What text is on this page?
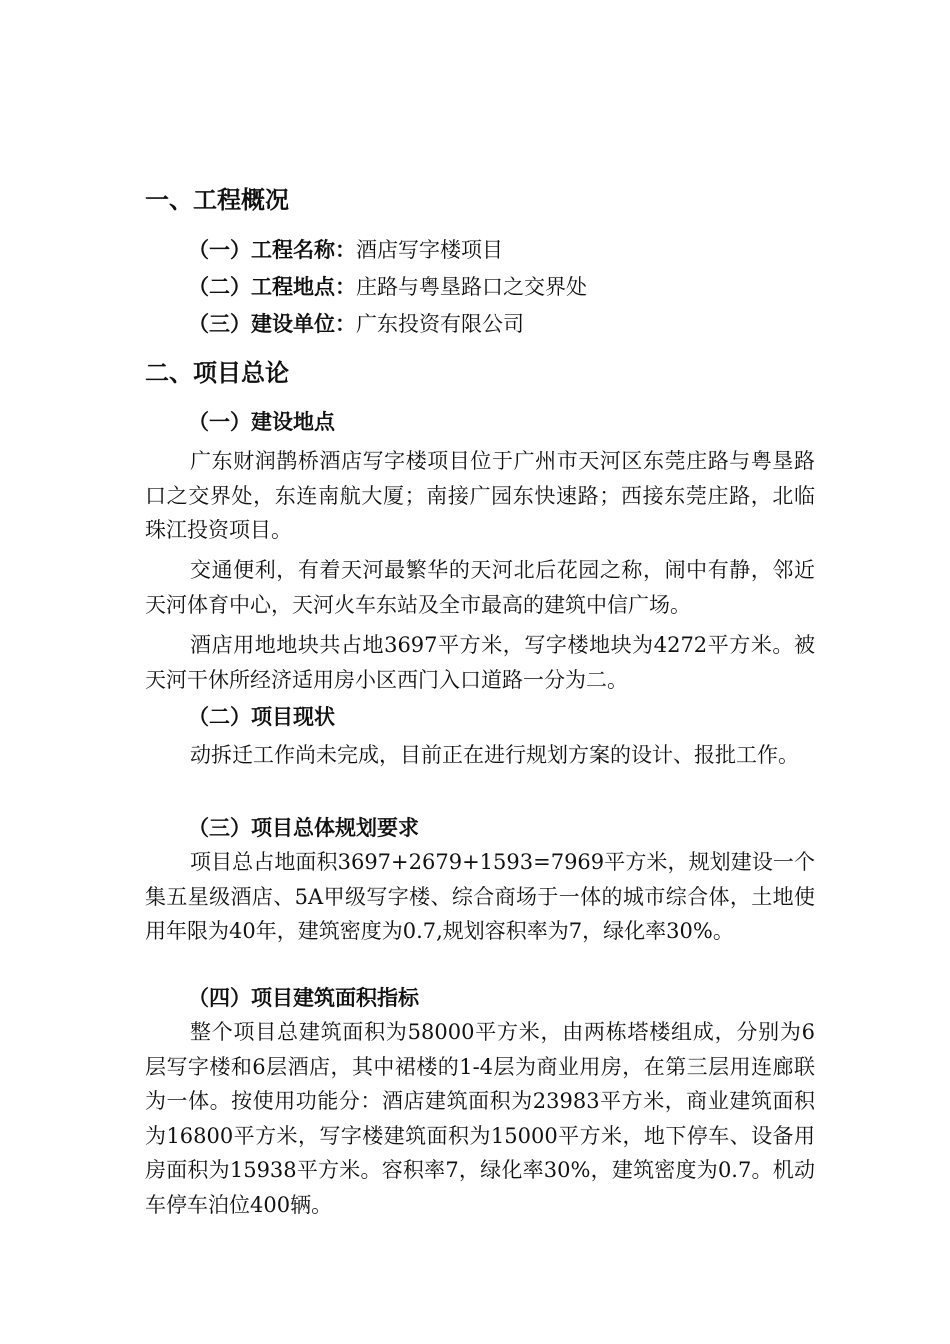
一、工程概况
（一）工程名称：酒店写字楼项目
（二）工程地点：庄路与粤垦路口之交界处
（三）建设单位：广东投资有限公司
二、项目总论
（一）建设地点

广东财润鹊桥酒店写字楼项目位于广州市天河区东莞庄路与粤垦路口之交界处，东连南航大厦；南接广园东快速路；西接东莞庄路，北临珠江投资项目。

交通便利，有着天河最繁华的天河北后花园之称，闹中有静，邻近天河体育中心，天河火车东站及全市最高的建筑中信广场。

酒店用地地块共占地3697平方米，写字楼地块为4272平方米。被天河干休所经济适用房小区西门入口道路一分为二。

（二）项目现状

动拆迁工作尚未完成，目前正在进行规划方案的设计、报批工作。

（三）项目总体规划要求

项目总占地面积3697+2679+1593=7969平方米，规划建设一个集五星级酒店、5A甲级写字楼、综合商场于一体的城市综合体，土地使用年限为40年，建筑密度为0.7,规划容积率为7，绿化率30%。

（四）项目建筑面积指标

整个项目总建筑面积为58000平方米，由两栋塔楼组成，分别为6层写字楼和6层酒店，其中裙楼的1-4层为商业用房，在第三层用连廊联为一体。按使用功能分：酒店建筑面积为23983平方米，商业建筑面积为16800平方米，写字楼建筑面积为15000平方米，地下停车、设备用房面积为15938平方米。容积率7，绿化率30%，建筑密度为0.7。机动车停车泊位400辆。
